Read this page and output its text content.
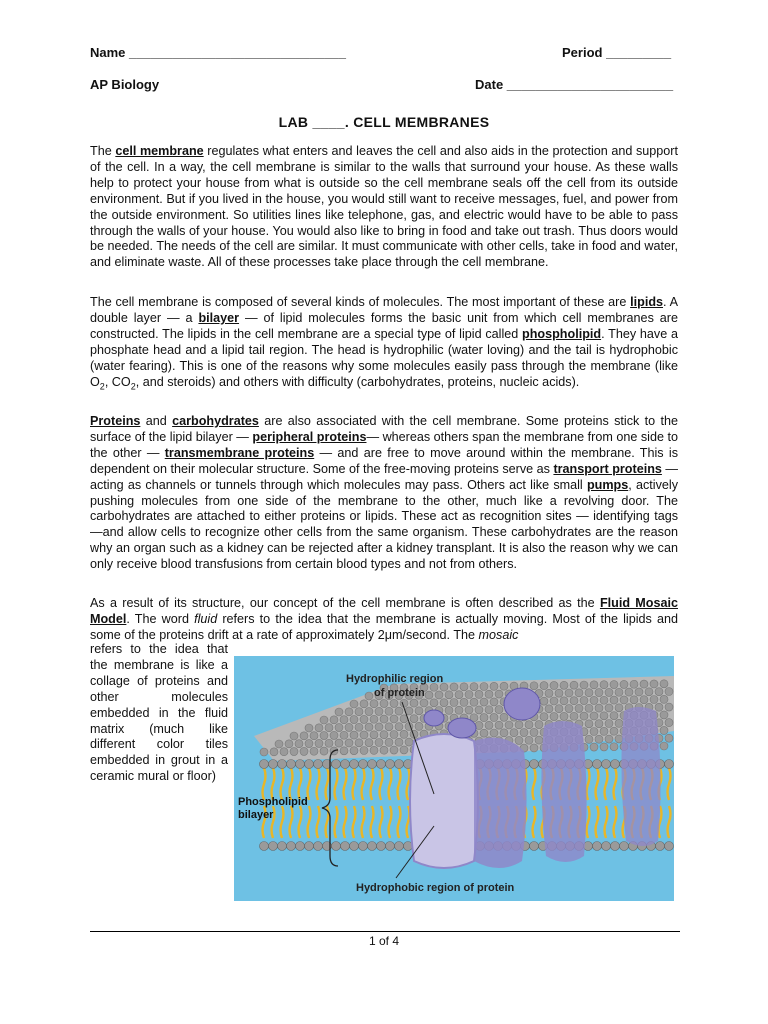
Name ______________________________	Period _________
AP Biology	Date _______________________
LAB ____. CELL MEMBRANES

The cell membrane regulates what enters and leaves the cell and also aids in the protection and support of the cell. In a way, the cell membrane is similar to the walls that surround your house. As these walls help to protect your house from what is outside so the cell membrane seals off the cell from its outside environment. But if you lived in the house, you would still want to receive messages, fuel, and power from the outside environment. So utilities lines like telephone, gas, and electric would have to be able to pass through the walls of your house. You would also like to bring in food and take out trash. Thus doors would be needed. The needs of the cell are similar. It must communicate with other cells, take in food and water, and eliminate waste. All of these processes take place through the cell membrane.

The cell membrane is composed of several kinds of molecules. The most important of these are lipids. A double layer — a bilayer — of lipid molecules forms the basic unit from which cell membranes are constructed. The lipids in the cell membrane are a special type of lipid called phospholipid. They have a phosphate head and a lipid tail region. The head is hydrophilic (water loving) and the tail is hydrophobic (water fearing). This is one of the reasons why some molecules easily pass through the membrane (like $O_2$, $CO_2$, and steroids) and others with difficulty (carbohydrates, proteins, nucleic acids).

Proteins and carbohydrates are also associated with the cell membrane. Some proteins stick to the surface of the lipid bilayer — peripheral proteins— whereas others span the membrane from one side to the other — transmembrane proteins — and are free to move around within the membrane. This is dependent on their molecular structure. Some of the free-moving proteins serve as transport proteins — acting as channels or tunnels through which molecules may pass. Others act like small pumps, actively pushing molecules from one side of the membrane to the other, much like a revolving door. The carbohydrates are attached to either proteins or lipids. These act as recognition sites — identifying tags —and allow cells to recognize other cells from the same organism. These carbohydrates are the reason why an organ such as a kidney can be rejected after a kidney transplant. It is also the reason why we can only receive blood transfusions from certain blood types and not from others.

As a result of its structure, our concept of the cell membrane is often described as the Fluid Mosaic Model. The word fluid refers to the idea that the membrane is actually moving. Most of the lipids and some of the proteins drift at a rate of approximately 2μm/second. The mosaic

refers to the idea that the membrane is like a collage of proteins and other molecules embedded in the fluid matrix (much like different color tiles embedded in grout in a ceramic mural or floor)

Hydrophilic region
of protein
Hydrophobic region of protein
Phospholipid
bilayer
1 of 4
